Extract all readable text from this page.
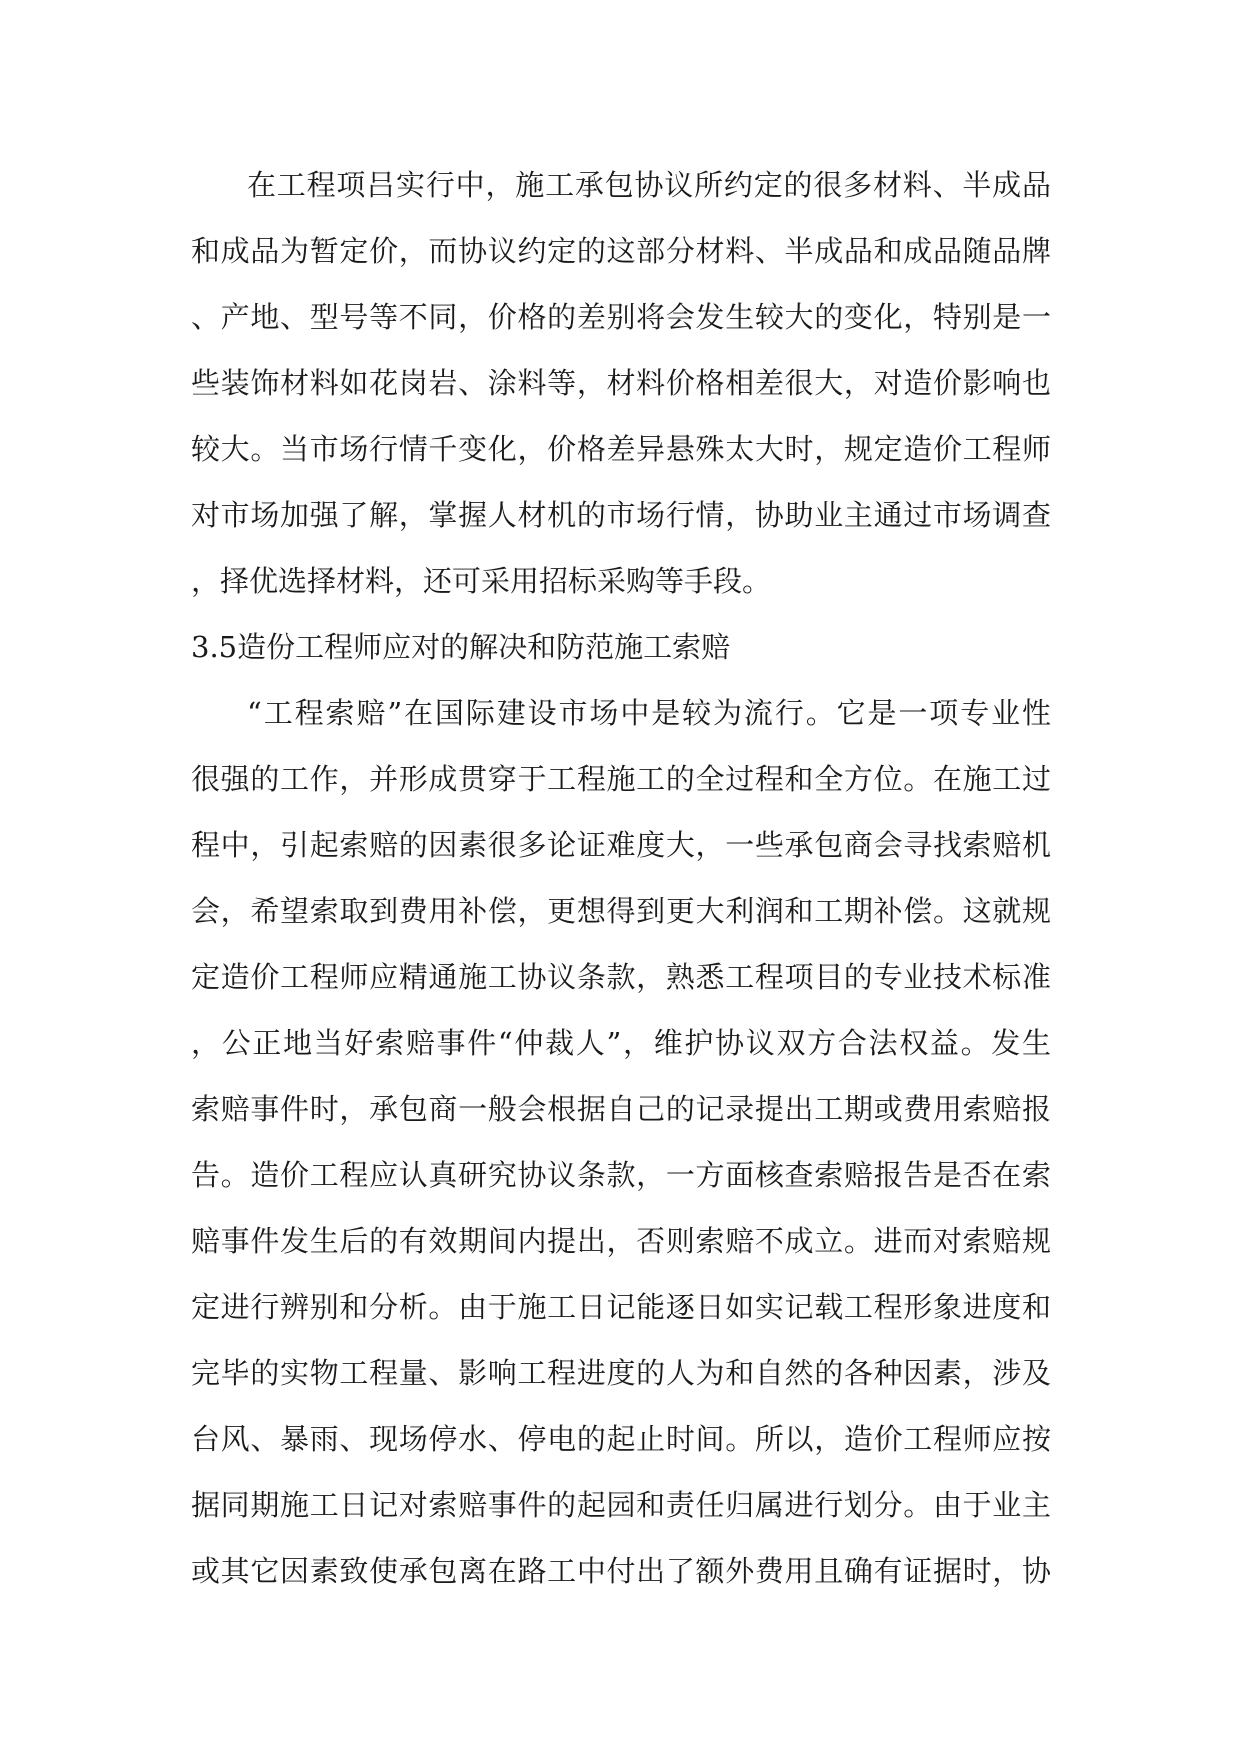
在工程项吕实行中，施工承包协议所约定的很多材料、半成品
和成品为暂定价，而协议约定的这部分材料、半成品和成品随品牌
、产地、型号等不同，价格的差别将会发生较大的变化，特别是一
些装饰材料如花岗岩、涂料等，材料价格相差很大，对造价影响也
较大。当市场行情千变化，价格差异悬殊太大时，规定造价工程师
对市场加强了解，掌握人材机的市场行情，协助业主通过市场调查
，择优选择材料，还可采用招标采购等手段。
3.5造份工程师应对的解决和防范施工索赔
“工程索赔”在国际建设市场中是较为流行。它是一项专业性
很强的工作，并形成贯穿于工程施工的全过程和全方位。在施工过
程中，引起索赔的因素很多论证难度大，一些承包商会寻找索赔机
会，希望索取到费用补偿，更想得到更大利润和工期补偿。这就规
定造价工程师应精通施工协议条款，熟悉工程项目的专业技术标准
，公正地当好索赔事件“仲裁人”，维护协议双方合法权益。发生
索赔事件时，承包商一般会根据自己的记录提出工期或费用索赔报
告。造价工程应认真研究协议条款，一方面核查索赔报告是否在索
赔事件发生后的有效期间内提出，否则索赔不成立。进而对索赔规
定进行辨别和分析。由于施工日记能逐日如实记载工程形象进度和
完毕的实物工程量、影响工程进度的人为和自然的各种因素，涉及
台风、暴雨、现场停水、停电的起止时间。所以，造价工程师应按
据同期施工日记对索赔事件的起园和责任归属进行划分。由于业主
或其它因素致使承包离在路工中付出了额外费用且确有证据时，协
